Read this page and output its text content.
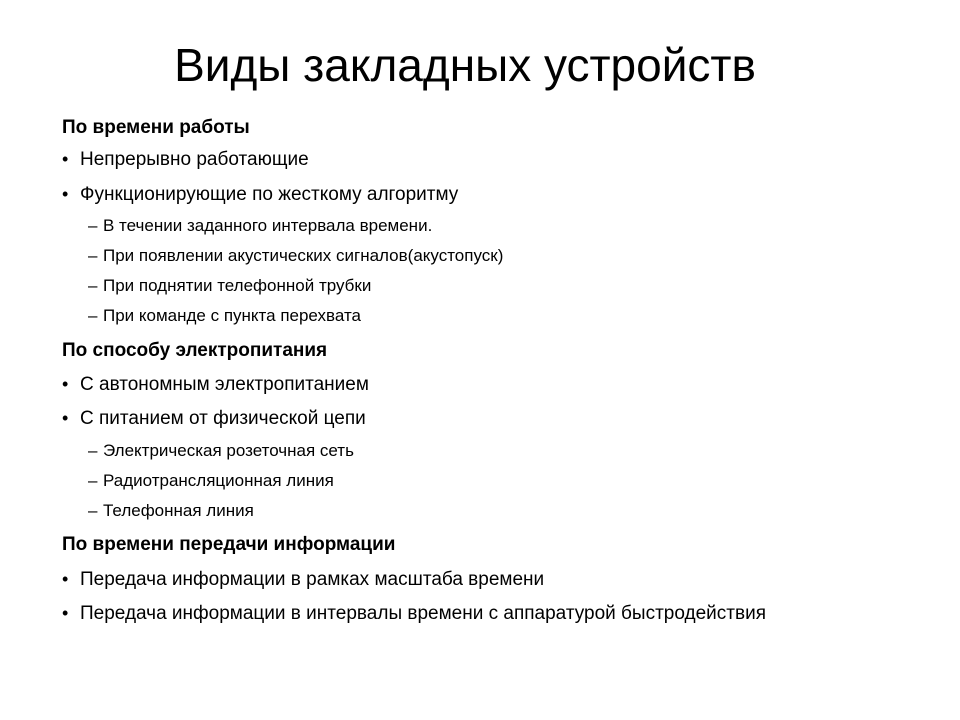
Виды закладных устройств
По времени работы
• Непрерывно работающие
• Функционирующие по жесткому алгоритму
– В течении заданного интервала времени.
– При появлении акустических сигналов(акустопуск)
– При поднятии телефонной трубки
– При команде с пункта перехвата
По способу электропитания
• С автономным электропитанием
• С питанием от физической цепи
– Электрическая розеточная сеть
– Радиотрансляционная линия
– Телефонная линия
По времени передачи информации
• Передача информации в рамках масштаба времени
• Передача информации в интервалы времени с аппаратурой быстродействия
